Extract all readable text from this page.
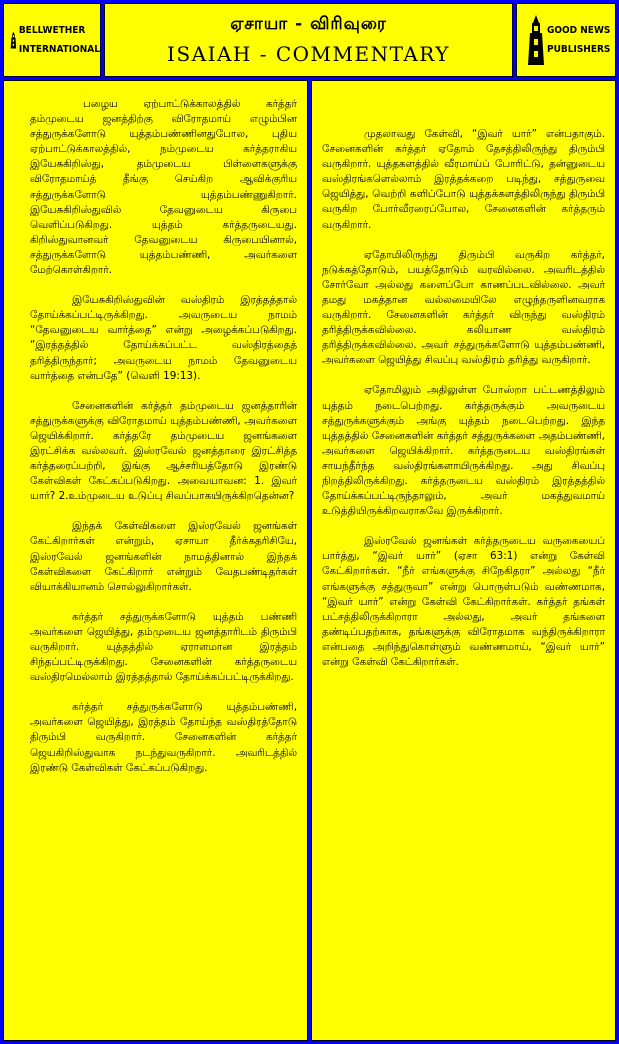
BELLWETHER
INTERNATIONAL
ஏசாயா - விரிவுரை
ISAIAH - COMMENTARY
GOOD NEWS
PUBLISHERS

பழைய ஏற்பாட்டுக்காலத்தில் கர்த்தர் தம்முடைய ஜனத்திற்கு விரோதமாய் எழும்பின சத்துருக்களோடு யுத்தம்பண்ணினதுபோல, புதிய ஏற்பாட்டுக்காலத்தில், நம்முடைய கர்த்தராகிய இயேசுகிறிஸ்து, தம்முடைய பிள்ளைகளுக்கு விரோதமாய்த் தீங்கு செய்கிற ஆவிக்குரிய சத்துருக்களோடு யுத்தம்பண்ணுகிறார். இயேசுகிறிஸ்துவில் தேவனுடைய கிருபை வெளிப்படுகிறது. யுத்தம் கர்த்தருடையது. கிறிஸ்துவானவர் தேவனுடைய கிருபையினால், சத்துருக்களோடு யுத்தம்பண்ணி, அவர்களை மேற்கொள்கிறார்.

இயேசுகிறிஸ்துவின் வஸ்திரம் இரத்தத்தால் தோய்க்கப்பட்டிருக்கிறது. அவருடைய நாமம் “தேவனுடைய வார்த்தை” என்று அழைக்கப்படுகிறது. “இரத்தத்தில் தோய்க்கப்பட்ட வஸ்திரத்தைத் தரித்திருந்தார்; அவருடைய நாமம் தேவனுடைய வார்த்தை என்பதே” (வெளி 19:13).

சேனைகளின் கர்த்தர் தம்முடைய ஜனத்தாரின் சத்துருக்களுக்கு விரோதமாய் யுத்தம்பண்ணி, அவர்களை ஜெயிக்கிறார். கர்த்தரே தம்முடைய ஜனங்களை இரட்சிக்க வல்லவர். இஸ்ரவேல் ஜனத்தாரை இரட்சித்த கர்த்தரைப்பற்றி, இங்கு ஆச்சரியத்தோடு இரண்டு கேள்விகள் கேட்கப்படுகிறது. அவையாவன: 1. இவர் யார்? 2.உம்முடைய உடுப்பு சிவப்பாகயிருக்கிறதென்ன?

இந்தக் கேள்விகளை இஸ்ரவேல் ஜனங்கள் கேட்கிறார்கள் என்றும், ஏசாயா தீர்க்கதரிசியே, இஸ்ரவேல் ஜனங்களின் நாமத்தினால் இந்தக் கேள்விகளை கேட்கிறார் என்றும் வேதபண்டிதர்கள் வியாக்கியானம் சொல்லுகிறார்கள்.

கர்த்தர் சத்துருக்களோடு யுத்தம் பண்ணி அவர்களை ஜெயித்து, தம்முடைய ஜனத்தாரிடம் திரும்பி வருகிறார். யுத்தத்தில் ஏராளமான இரத்தம் சிந்தப்பட்டிருக்கிறது. சேனைகளின் கர்த்தருடைய வஸ்திரமெல்லாம் இரத்தத்தால் தோய்க்கப்பட்டிருக்கிறது.

கர்த்தர் சத்துருக்களோடு யுத்தம்பண்ணி, அவர்களை ஜெயித்து, இரத்தம் தோய்ந்த வஸ்திரத்தோடு திரும்பி வருகிறார். சேனைகளின் கர்த்தர் ஜெயகிறிஸ்துவாக நடந்துவருகிறார். அவரிடத்தில் இரண்டு கேள்விகள் கேட்கப்படுகிறது.

முதலாவது கேள்வி, “இவர் யார்” என்பதாகும். சேனைகளின் கர்த்தர் ஏதோம் தேசத்திலிருந்து திரும்பி வருகிறார். யுத்தகளத்தில் வீரமாய்ப் போரிட்டு, தன்னுடைய வஸ்திரங்களெல்லாம் இரத்தக்கறை படிந்து, சத்துருவை ஜெயித்து, வெற்றி களிப்போடு யுத்தக்களத்திலிருந்து திரும்பி வருகிற போர்வீரரைப்போல, சேனைகளின் கர்த்தரும் வருகிறார்.

ஏதோமிலிருந்து திரும்பி வருகிற கர்த்தர், நடுக்கத்தோடும், பயத்தோடும் வரவில்லை. அவரிடத்தில் சோர்வோ அல்லது களைப்போ காணப்படவில்லை. அவர் தமது மகத்தான வல்லமையிலே எழுந்தருளினவராக வருகிறார். சேனைகளின் கர்த்தர் விருந்து வஸ்திரம் தரித்திருக்கவில்லை. கலியாண வஸ்திரம் தரித்திருக்கவில்லை. அவர் சத்துருக்களோடு யுத்தம்பண்ணி, அவர்களை ஜெயித்து சிவப்பு வஸ்திரம் தரித்து வருகிறார்.

ஏதோமிலும் அதிலுள்ள போஸ்றா பட்டணத்திலும் யுத்தம் நடைபெற்றது. கர்த்தருக்கும் அவருடைய சத்துருக்களுக்கும் அங்கு யுத்தம் நடைபெற்றது. இந்த யுத்தத்தில் சேனைகளின் கர்த்தர் சத்துருக்களை அதம்பண்ணி, அவர்களை ஜெயிக்கிறார். கர்த்தருடைய வஸ்திரங்கள் சாயந்தீர்ந்த வஸ்திரங்களாயிருக்கிறது. அது சிவப்பு நிறத்திலிருக்கிறது. கர்த்தருடைய வஸ்திரம் இரத்தத்தில் தோய்க்கப்பட்டிருந்தாலும், அவர் மகத்துவமாய் உடுத்தியிருக்கிறவராகவே இருக்கிறார்.

இஸ்ரவேல் ஜனங்கள் கர்த்தருடைய வருகையைப் பார்த்து, “இவர் யார்” (ஏசா 63:1) என்று கேள்வி கேட்கிறார்கள். “நீர் எங்களுக்கு சிநேகிதரா” அல்லது “நீர் எங்களுக்கு சத்துருவா” என்று பொருள்படும் வண்ணமாக, “இவர் யார்” என்று கேள்வி கேட்கிறார்கள். கர்த்தர் தங்கள் பட்சத்திலிருக்கிறாரா அல்லது, அவர் தங்களை தண்டிப்பதற்காக, தங்களுக்கு விரோதமாக வந்திருக்கிறாரா என்பதை அறிந்துகொள்ளும் வண்ணமாய், “இவர் யார்” என்று கேள்வி கேட்கிறார்கள்.
